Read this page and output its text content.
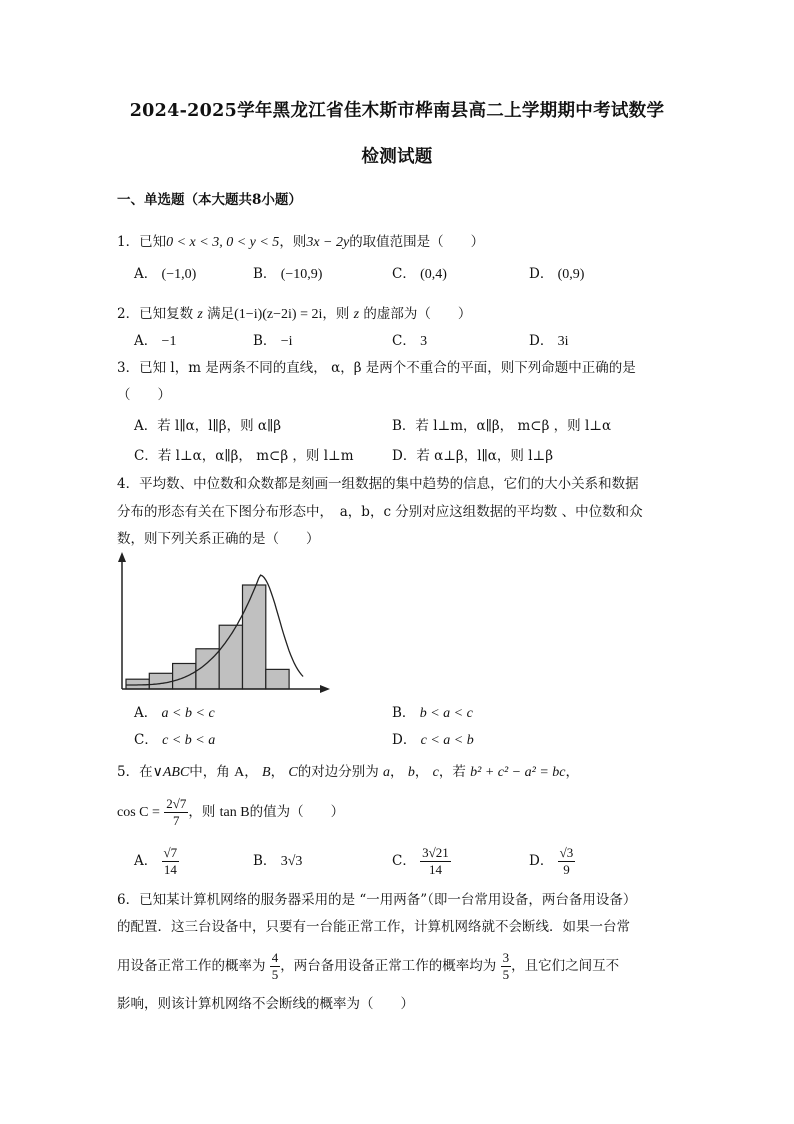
2024-2025学年黑龙江省佳木斯市桦南县高二上学期期中考试数学
检测试题
一、单选题（本大题共8小题）
1．已知0 < x < 3, 0 < y < 5，则3x − 2y的取值范围是（　　）
A． (−1,0)	B． (−10,9)	C． (0,4)	D． (0,9)
2．已知复数 z 满足(1−i)(z−2i) = 2i，则 z 的虚部为（　　）
A． −1	B． −i	C． 3	D． 3i
3．已知 l，m 是两条不同的直线， α，β 是两个不重合的平面，则下列命题中正确的是
（　　）
A．若 l∥α，l∥β，则 α∥β	B．若 l⊥m，α∥β， m⊂β ，则 l⊥α
C．若 l⊥α，α∥β， m⊂β ，则 l⊥m	D．若 α⊥β，l∥α，则 l⊥β
4．平均数、中位数和众数都是刻画一组数据的集中趋势的信息，它们的大小关系和数据
分布的形态有关在下图分布形态中，　a，b，c 分别对应这组数据的平均数 、中位数和众
数，则下列关系正确的是（　　）
A． a < b < c	B． b < a < c
C． c < b < a	D． c < a < b
5．在∨ABC中，角 A， B， C的对边分别为 a， b， c，若 b² + c² − a² = bc，
$\cos C = \frac{2√7}{7}$ ，则 tan B的值为（　　）
A． $\frac{√7}{14}$	B． 3√3	C． $\frac{3√21}{14}$	D． $\frac{√3}{9}$
6．已知某计算机网络的服务器采用的是 “一用两备”（即一台常用设备，两台备用设备）
的配置．这三台设备中，只要有一台能正常工作，计算机网络就不会断线．如果一台常
用设备正常工作的概率为 $\frac{4}{5}$ ，两台备用设备正常工作的概率均为 $\frac{3}{5}$ ，且它们之间互不
影响，则该计算机网络不会断线的概率为（　　）
